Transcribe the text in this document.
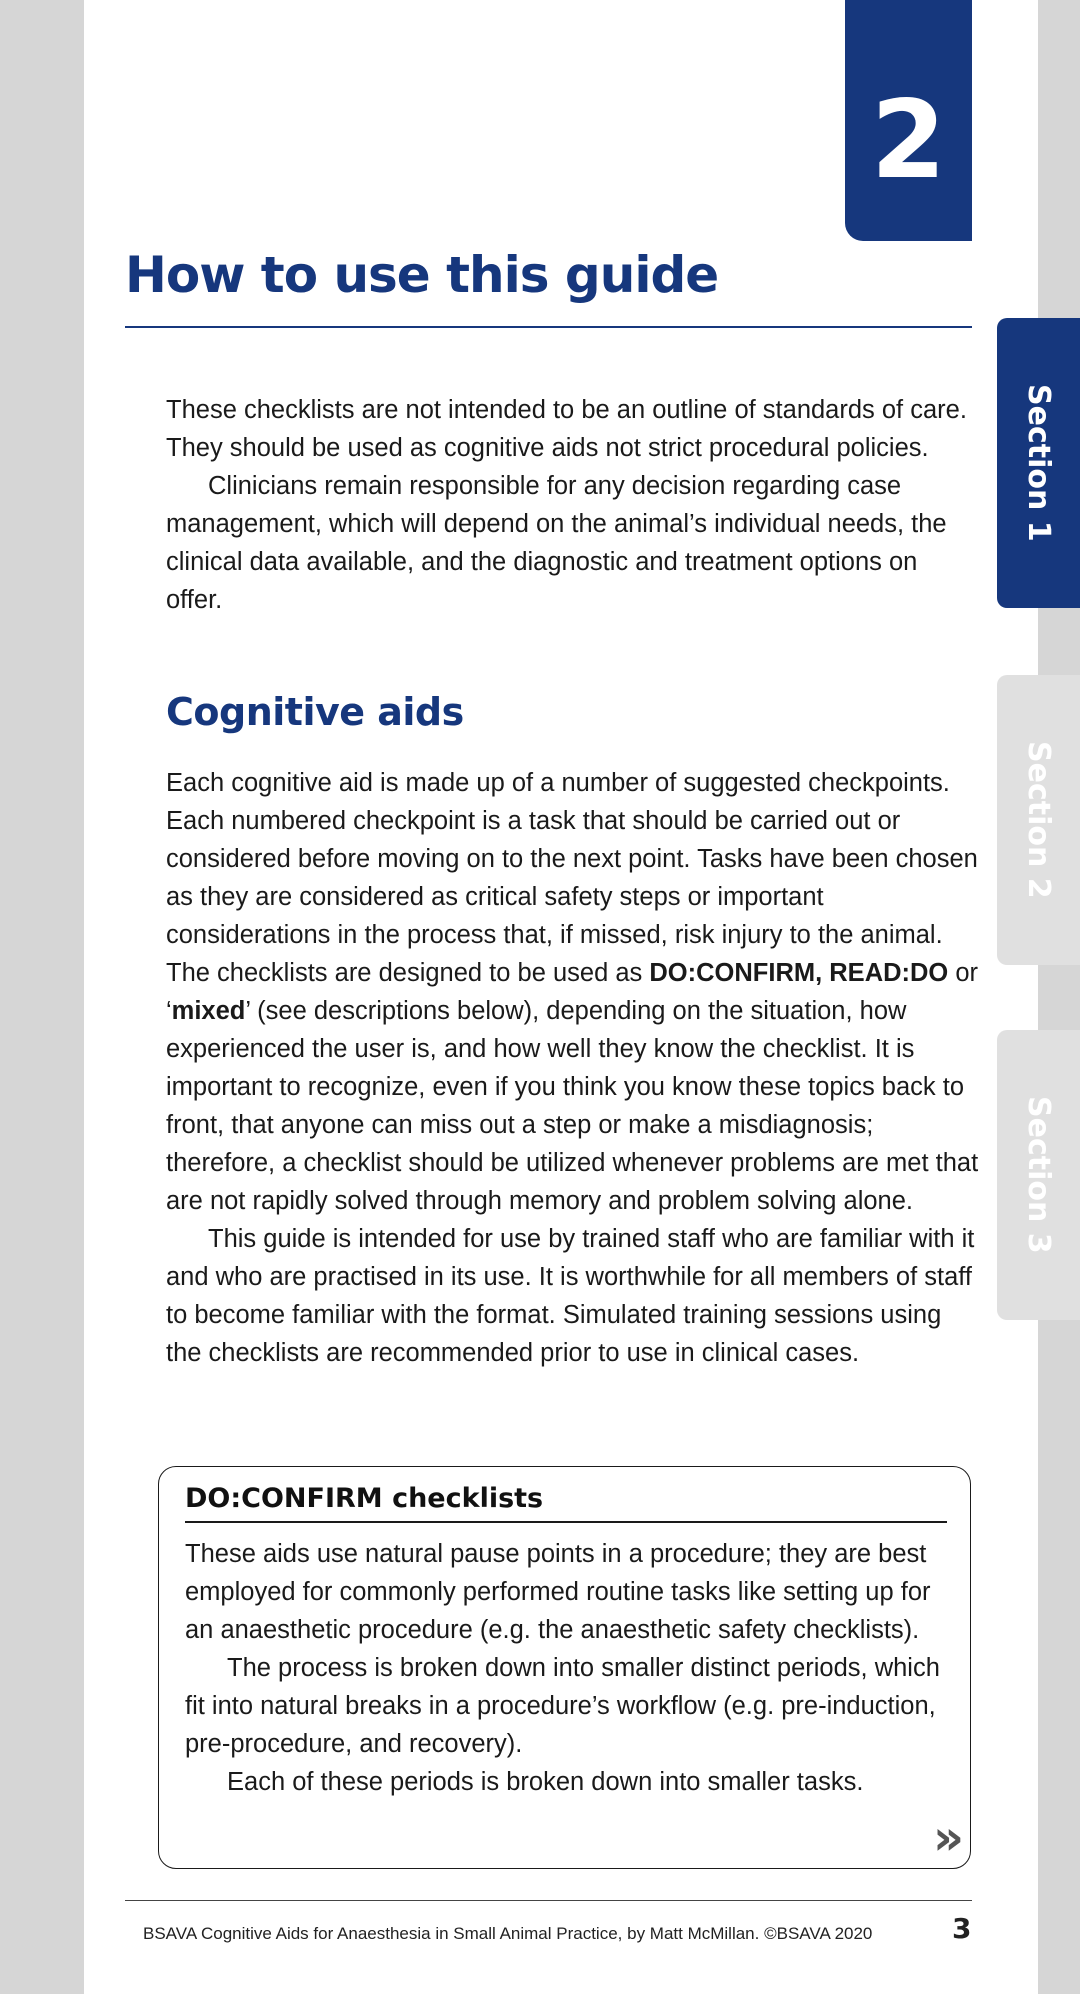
2
Section 1
Section 2
Section 3
How to use this guide

These checklists are not intended to be an outline of standards of care. They should be used as cognitive aids not strict procedural policies.

Clinicians remain responsible for any decision regarding case management, which will depend on the animal’s individual needs, the clinical data available, and the diagnostic and treatment options on offer.

Cognitive aids

Each cognitive aid is made up of a number of suggested checkpoints. Each numbered checkpoint is a task that should be carried out or considered before moving on to the next point. Tasks have been chosen as they are considered as critical safety steps or important considerations in the process that, if missed, risk injury to the animal. The checklists are designed to be used as DO:CONFIRM, READ:DO or ‘mixed’ (see descriptions below), depending on the situation, how experienced the user is, and how well they know the checklist. It is important to recognize, even if you think you know these topics back to front, that anyone can miss out a step or make a misdiagnosis; therefore, a checklist should be utilized whenever problems are met that are not rapidly solved through memory and problem solving alone.

This guide is intended for use by trained staff who are familiar with it and who are practised in its use. It is worthwhile for all members of staff to become familiar with the format. Simulated training sessions using the checklists are recommended prior to use in clinical cases.

DO:CONFIRM checklists

These aids use natural pause points in a procedure; they are best employed for commonly performed routine tasks like setting up for an anaesthetic procedure (e.g. the anaesthetic safety checklists).

The process is broken down into smaller distinct periods, which fit into natural breaks in a procedure’s workflow (e.g. pre-induction, pre-procedure, and recovery).

Each of these periods is broken down into smaller tasks.

»
BSAVA Cognitive Aids for Anaesthesia in Small Animal Practice, by Matt McMillan. ©BSAVA 2020	3
